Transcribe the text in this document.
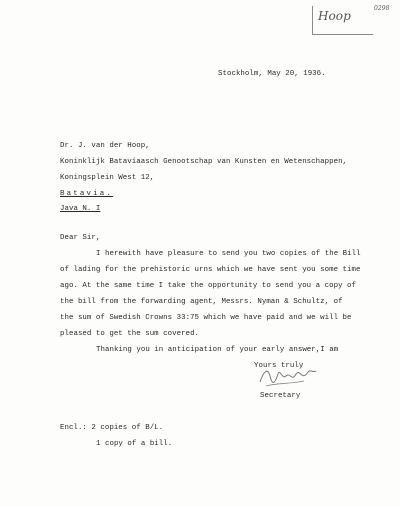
Hoop
0298
Stockholm, May 20, 1936.
Dr. J. van der Hoop,
Koninklijk Bataviaasch Genootschap van Kunsten en Wetenschappen,
Koningsplein West 12,
Batavia.
Java N. I
Dear Sir,
I herewith have pleasure to send you two copies of the Bill
of lading for the prehistoric urns which we have sent you some time
ago. At the same time I take the opportunity to send you a copy of
the bill from the forwarding agent, Messrs. Nyman & Schultz, of
the sum of Swedish Crowns 33:75 which we have paid and we will be
pleased to get the sum covered.
Thanking you in anticipation of your early answer,I am
Yours truly
Secretary
Encl.: 2 copies of B/L.
1 copy of a bill.
